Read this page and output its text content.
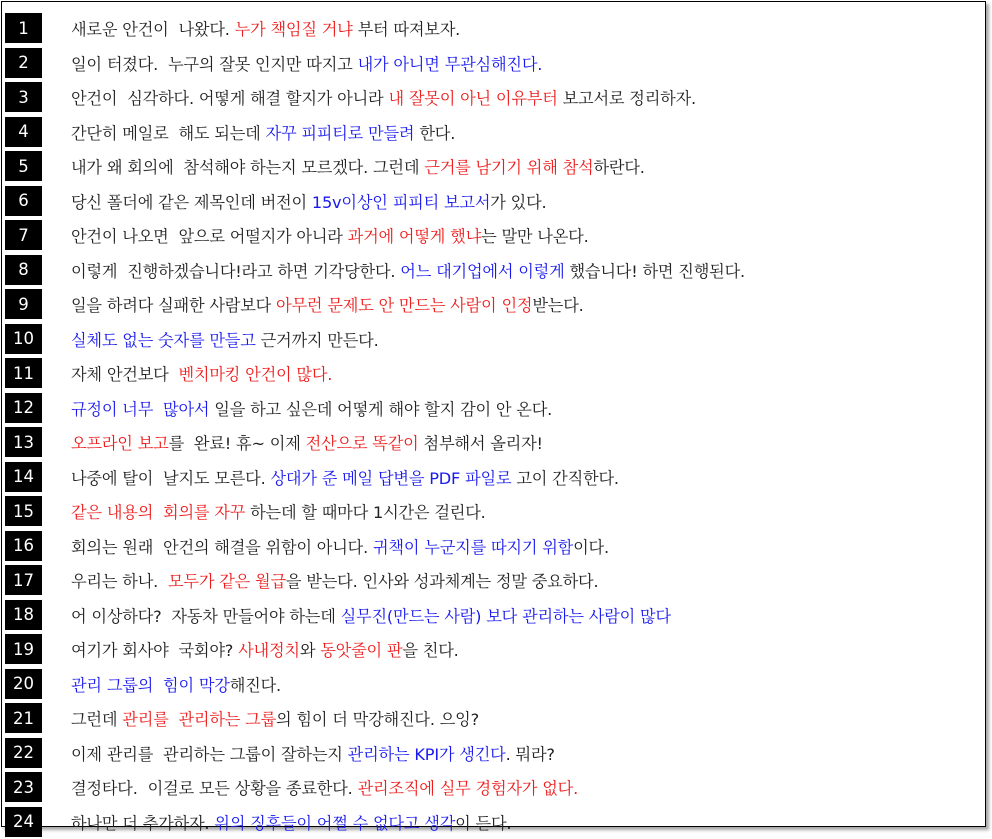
1	새로운 안건이  나왔다. 누가 책임질 거냐 부터 따져보자.
2	일이 터졌다.  누구의 잘못 인지만 따지고 내가 아니면 무관심해진다.
3	안건이  심각하다. 어떻게 해결 할지가 아니라 내 잘못이 아닌 이유부터 보고서로 정리하자.
4	간단히 메일로  해도 되는데 자꾸 피피티로 만들려 한다.
5	내가 왜 회의에  참석해야 하는지 모르겠다. 그런데 근거를 남기기 위해 참석하란다.
6	당신 폴더에 같은 제목인데 버전이 15v이상인 피피티 보고서가 있다.
7	안건이 나오면  앞으로 어떨지가 아니라 과거에 어떻게 했냐는 말만 나온다.
8	이렇게  진행하겠습니다!라고 하면 기각당한다. 어느 대기업에서 이렇게 했습니다! 하면 진행된다.
9	일을 하려다 실패한 사람보다 아무런 문제도 안 만드는 사람이 인정받는다.
10	실체도 없는 숫자를 만들고 근거까지 만든다.
11	자체 안건보다  벤치마킹 안건이 많다.
12	규정이 너무  많아서 일을 하고 싶은데 어떻게 해야 할지 감이 안 온다.
13	오프라인 보고를  완료! 휴~ 이제 전산으로 똑같이 첨부해서 올리자!
14	나중에 탈이  날지도 모른다. 상대가 준 메일 답변을 PDF 파일로 고이 간직한다.
15	같은 내용의  회의를 자꾸 하는데 할 때마다 1시간은 걸린다.
16	회의는 원래  안건의 해결을 위함이 아니다. 귀책이 누군지를 따지기 위함이다.
17	우리는 하나.  모두가 같은 월급을 받는다. 인사와 성과체계는 정말 중요하다.
18	어 이상하다?  자동차 만들어야 하는데 실무진(만드는 사람) 보다 관리하는 사람이 많다
19	여기가 회사야  국회야? 사내정치와 동앗줄이 판을 친다.
20	관리 그룹의  힘이 막강해진다.
21	그런데 관리를  관리하는 그룹의 힘이 더 막강해진다. 으잉?
22	이제 관리를  관리하는 그룹이 잘하는지 관리하는 KPI가 생긴다. 뭐라?
23	결정타다.  이걸로 모든 상황을 종료한다. 관리조직에 실무 경험자가 없다.
24	하나만 더 추가하자. 위의 징후들이 어쩔 수 없다고 생각이 든다.
